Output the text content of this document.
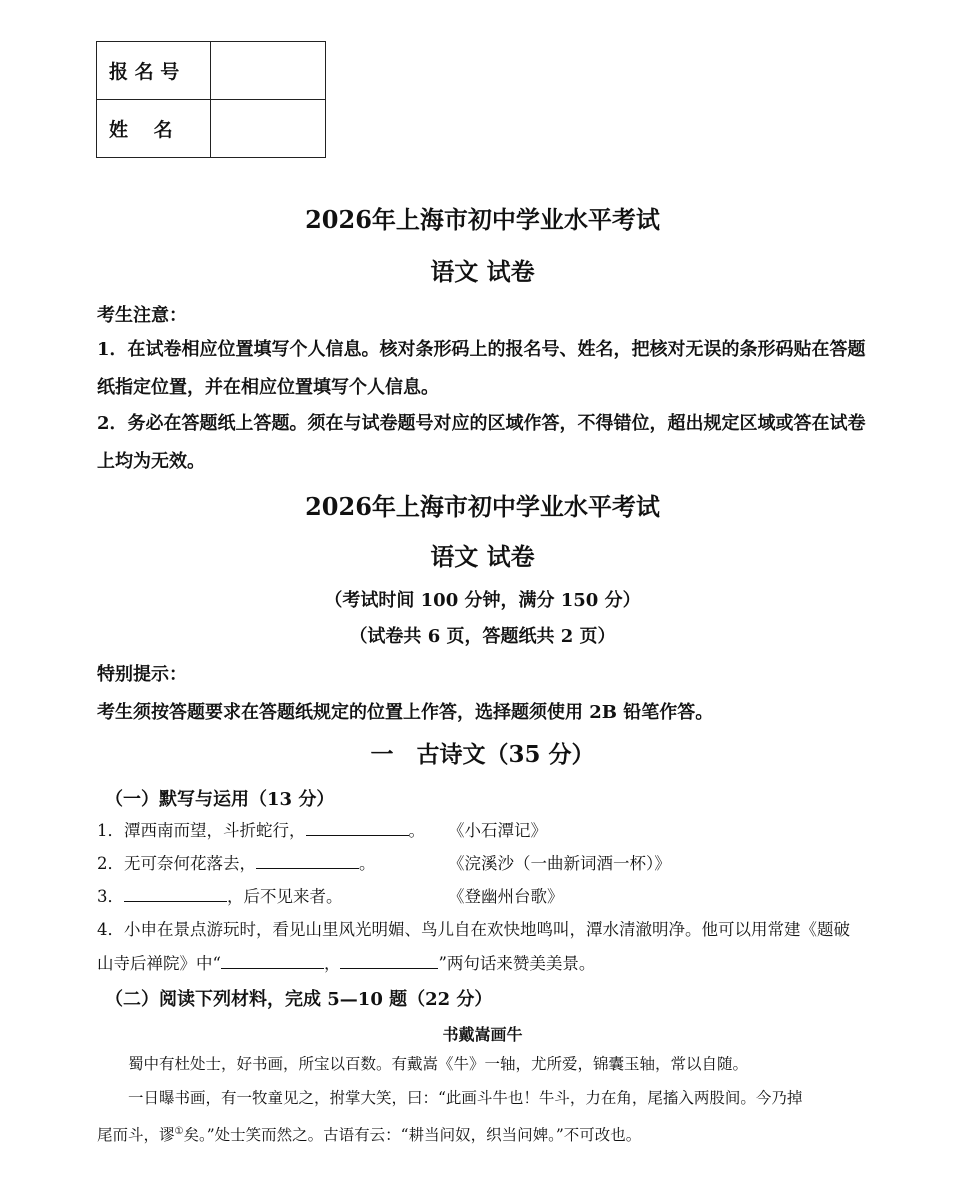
报 名 号	
姓　 名	
2026年上海市初中学业水平考试
语文 试卷
考生注意：
1．在试卷相应位置填写个人信息。核对条形码上的报名号、姓名，把核对无误的条形码贴在答题纸指定位置，并在相应位置填写个人信息。
2．务必在答题纸上答题。须在与试卷题号对应的区域作答，不得错位，超出规定区域或答在试卷上均为无效。
2026年上海市初中学业水平考试
语文 试卷
（考试时间 100 分钟，满分 150 分）
（试卷共 6 页，答题纸共 2 页）
特别提示：
考生须按答题要求在答题纸规定的位置上作答，选择题须使用 2B 铅笔作答。
一　古诗文（35 分）
（一）默写与运用（13 分）
1．潭西南而望，斗折蛇行，	。	《小石潭记》
2．无可奈何花落去，	。	《浣溪沙（一曲新词酒一杯）》
3．	，后不见来者。	《登幽州台歌》
4．小申在景点游玩时，看见山里风光明媚、鸟儿自在欢快地鸣叫，潭水清澈明净。他可以用常建《题破
山寺后禅院》中“	，	”两句话来赞美美景。
（二）阅读下列材料，完成 5—10 题（22 分）
书戴嵩画牛
蜀中有杜处士，好书画，所宝以百数。有戴嵩《牛》一轴，尤所爱，锦囊玉轴，常以自随。
一日曝书画，有一牧童见之，拊掌大笑，曰：“此画斗牛也！牛斗，力在角，尾搐入两股间。今乃掉
尾而斗，谬①矣。”处士笑而然之。古语有云：“耕当问奴，织当问婢。”不可改也。
